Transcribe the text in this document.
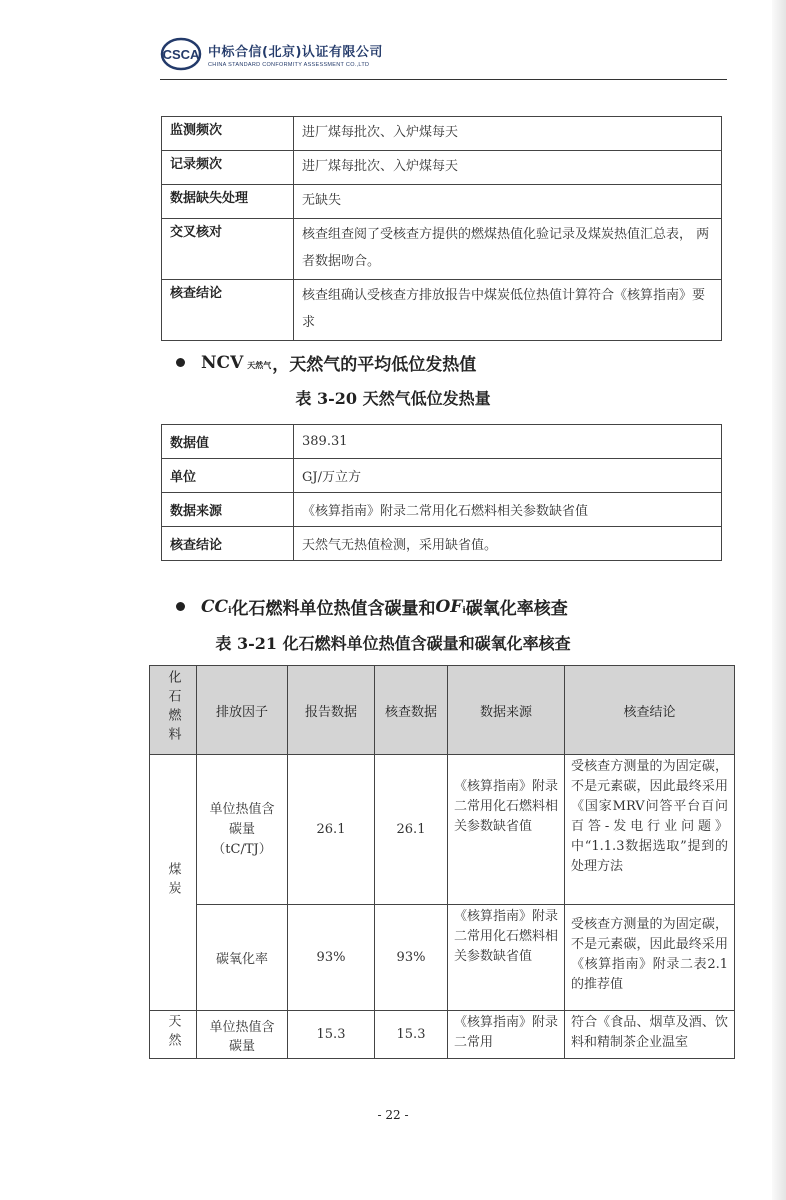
CSCA 中标合信(北京)认证有限公司
CHINA STANDARD CONFORMITY ASSESSMENT CO.,LTD
监测频次	进厂煤每批次、入炉煤每天
记录频次	进厂煤每批次、入炉煤每天
数据缺失处理	无缺失
交叉核对	核查组查阅了受核查方提供的燃煤热值化验记录及煤炭热值汇总表， 两者数据吻合。
核查结论	核查组确认受核查方排放报告中煤炭低位热值计算符合《核算指南》要求
NCV 天然气 ，天然气的平均低位发热值
表 3-20 天然气低位发热量
数据值	389.31
单位	GJ/万立方
数据来源	《核算指南》附录二常用化石燃料相关参数缺省值
核查结论	天然气无热值检测，采用缺省值。
CC i 化石燃料单位热值含碳量和 OF i 碳氧化率核查
表 3-21 化石燃料单位热值含碳量和碳氧化率核查
化石燃料	排放因子	报告数据	核查数据	数据来源	核查结论
煤炭	单位热值含碳量（tC/TJ）	26.1	26.1	《核算指南》附录二常用化石燃料相关参数缺省值	受核查方测量的为固定碳，不是元素碳，因此最终采用《国家MRV问答平台百问百答-发电行业问题》中“1.1.3数据选取”提到的处理方法
	碳氧化率	93%	93%	《核算指南》附录二常用化石燃料相关参数缺省值	受核查方测量的为固定碳，不是元素碳，因此最终采用《核算指南》附录二表2.1的推荐值
天然	单位热值含碳量	15.3	15.3	《核算指南》附录二常用	符合《食品、烟草及酒、饮料和精制茶企业温室
- 22 -
